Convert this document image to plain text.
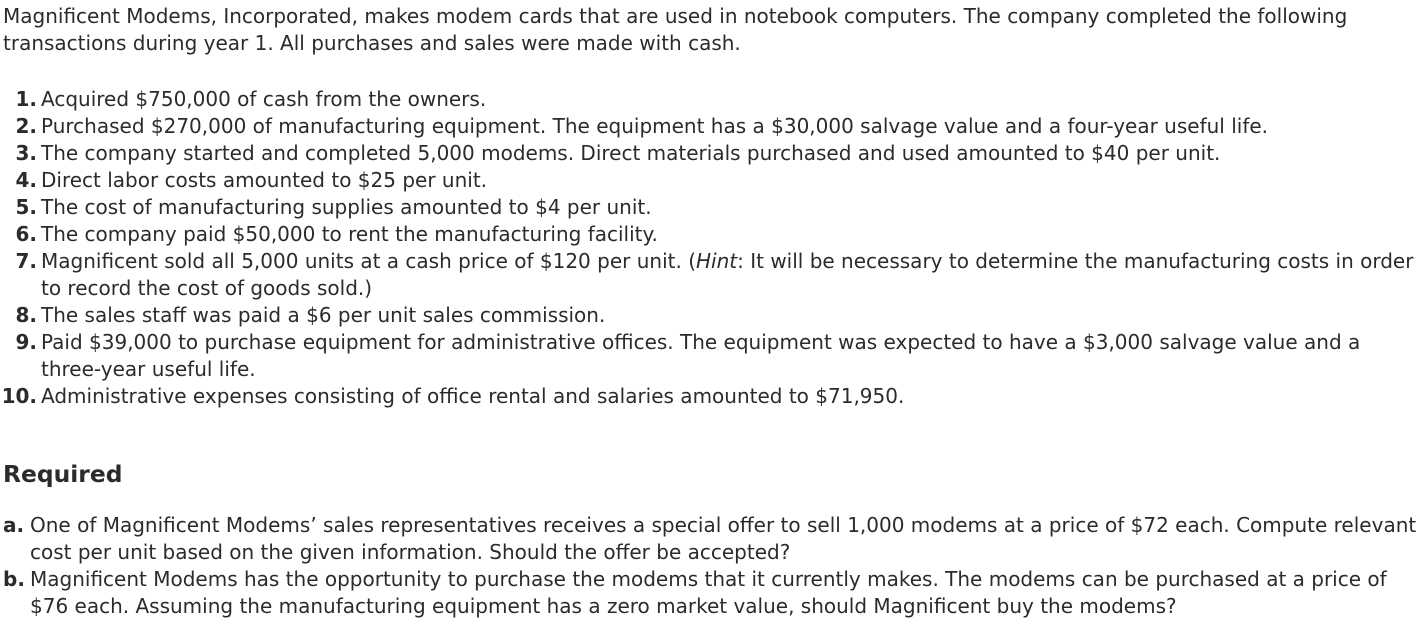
Magnificent Modems, Incorporated, makes modem cards that are used in notebook computers. The company completed the following transactions during year 1. All purchases and sales were made with cash.

1. Acquired $750,000 of cash from the owners.
2. Purchased $270,000 of manufacturing equipment. The equipment has a $30,000 salvage value and a four-year useful life.
3. The company started and completed 5,000 modems. Direct materials purchased and used amounted to $40 per unit.
4. Direct labor costs amounted to $25 per unit.
5. The cost of manufacturing supplies amounted to $4 per unit.
6. The company paid $50,000 to rent the manufacturing facility.
7. Magnificent sold all 5,000 units at a cash price of $120 per unit. (Hint: It will be necessary to determine the manufacturing costs in order to record the cost of goods sold.)
8. The sales staff was paid a $6 per unit sales commission.
9. Paid $39,000 to purchase equipment for administrative offices. The equipment was expected to have a $3,000 salvage value and a three-year useful life.
10. Administrative expenses consisting of office rental and salaries amounted to $71,950.
Required
a. One of Magnificent Modems’ sales representatives receives a special offer to sell 1,000 modems at a price of $72 each. Compute relevant cost per unit based on the given information. Should the offer be accepted?
b. Magnificent Modems has the opportunity to purchase the modems that it currently makes. The modems can be purchased at a price of $76 each. Assuming the manufacturing equipment has a zero market value, should Magnificent buy the modems?
